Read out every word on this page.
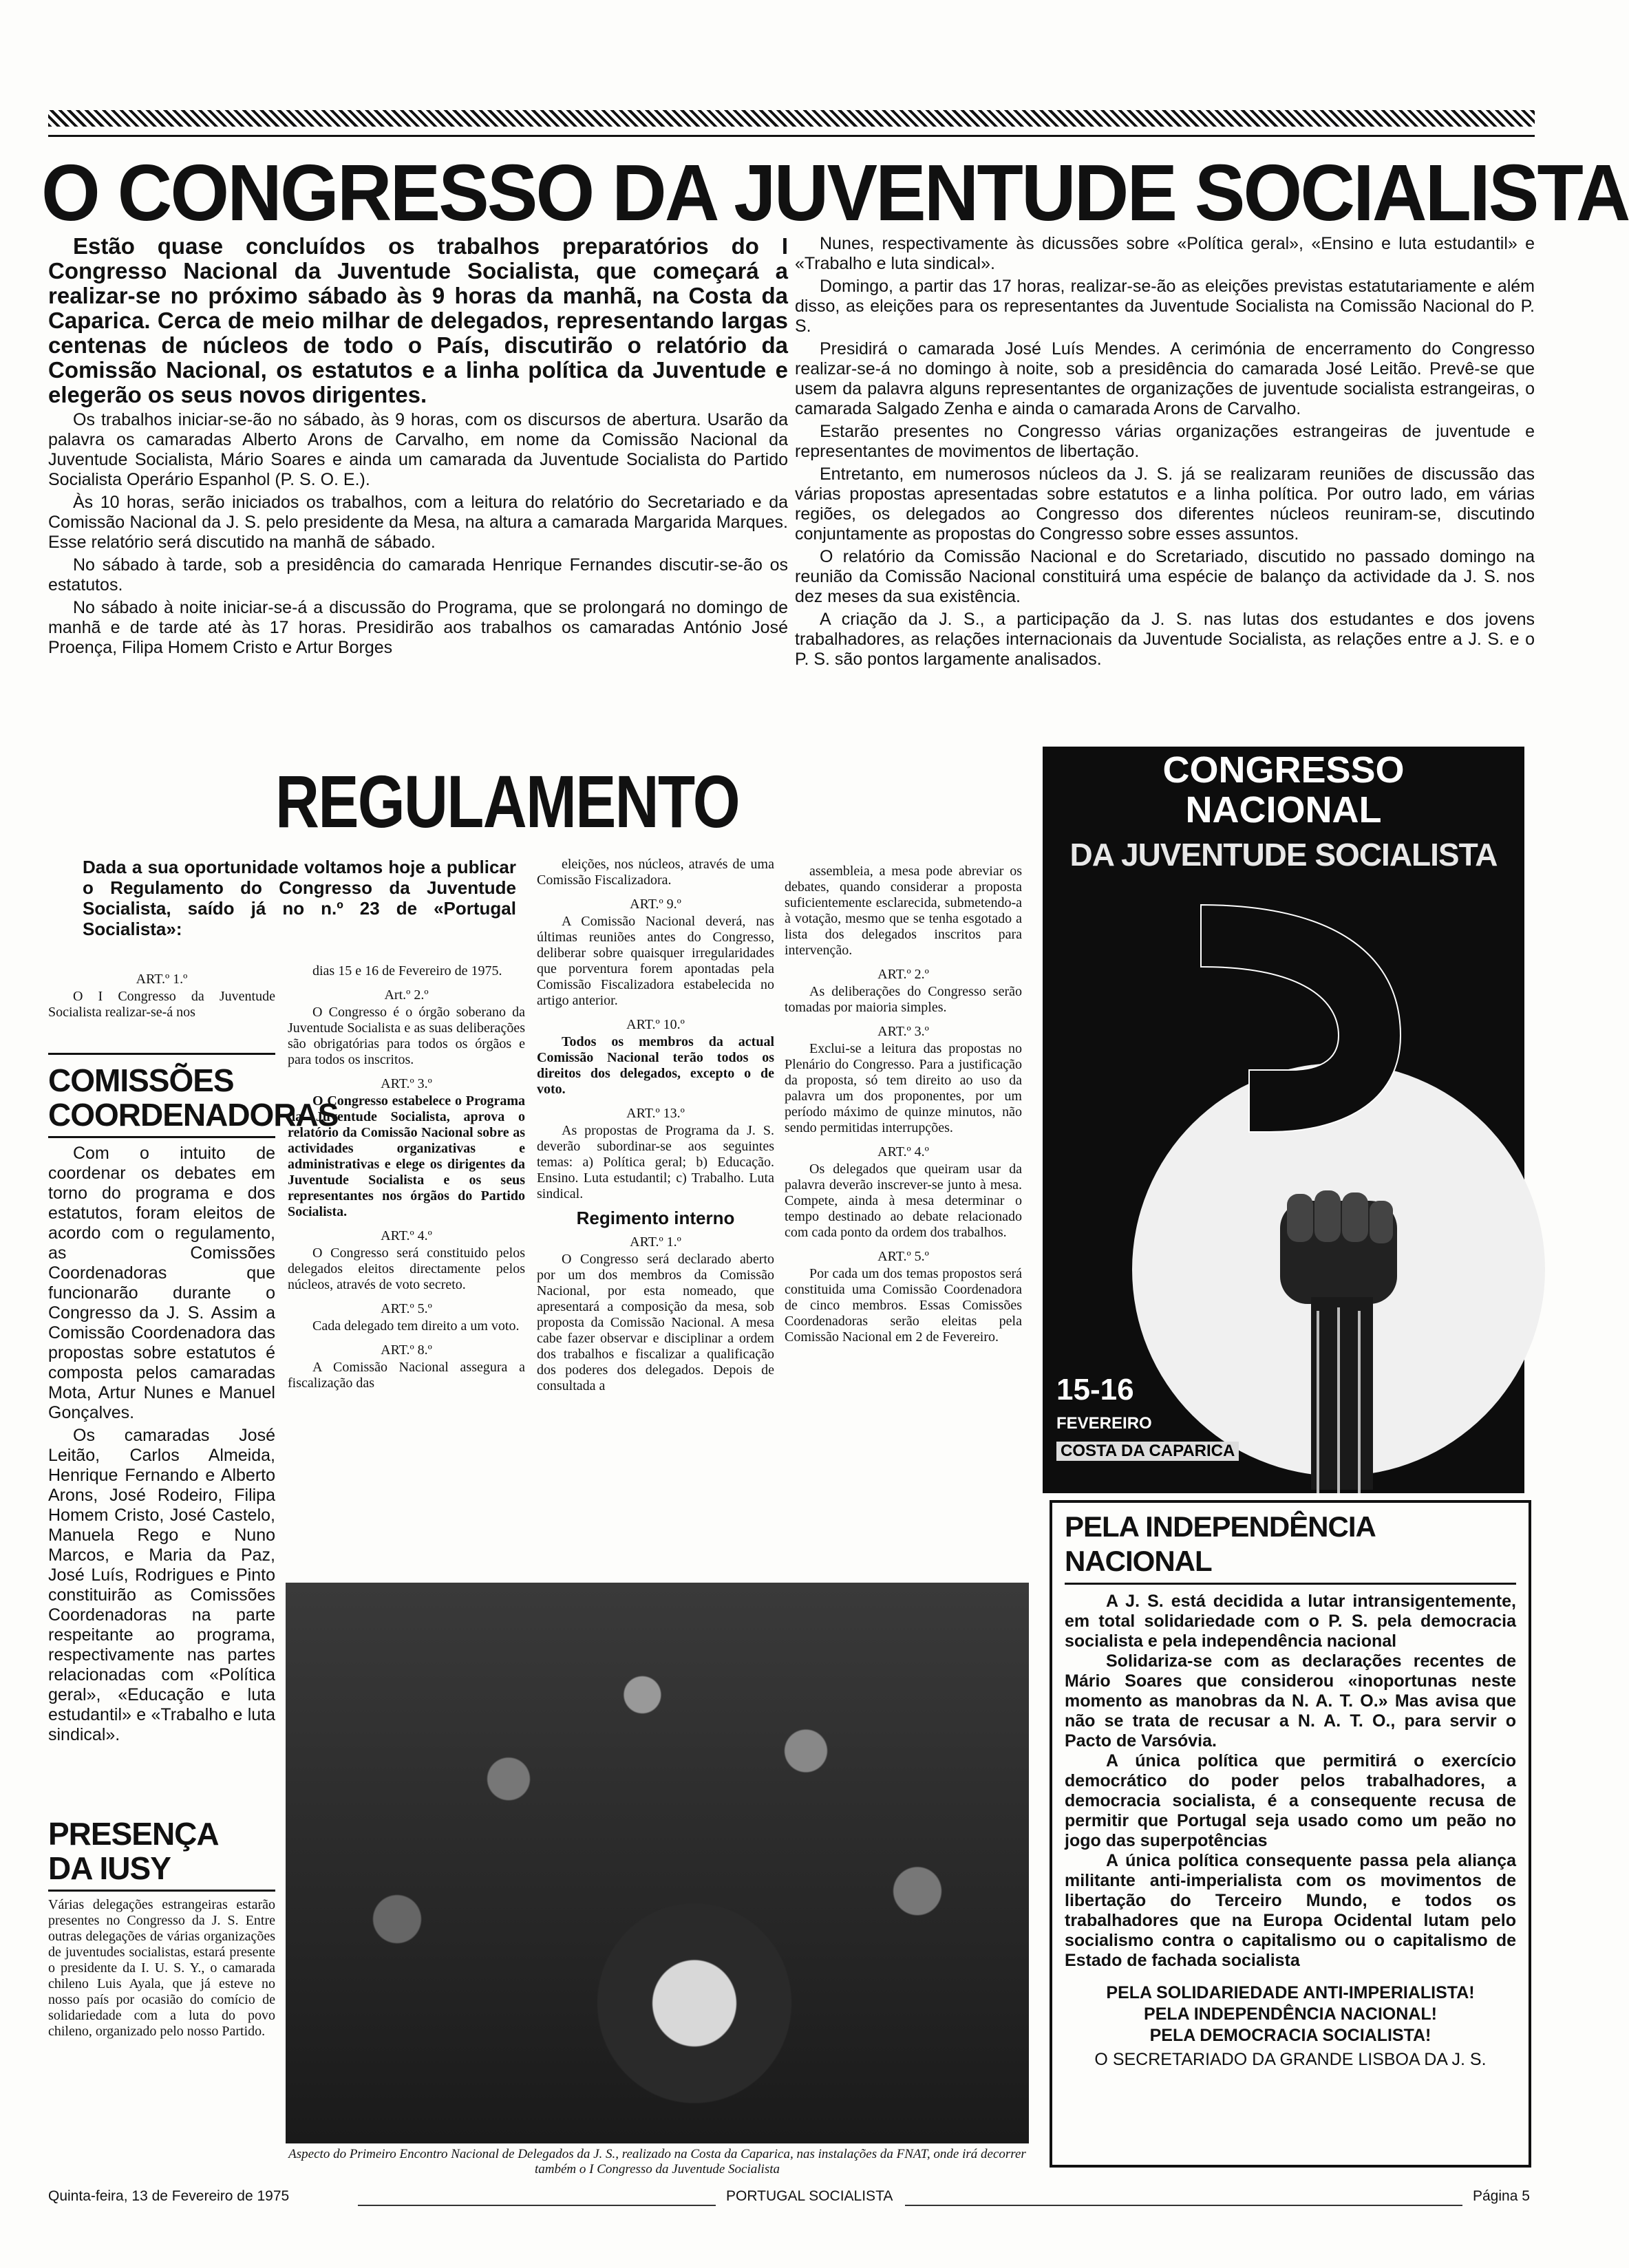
O CONGRESSO DA JUVENTUDE SOCIALISTA

Estão quase concluídos os trabalhos preparatórios do I Congresso Nacional da Juventude Socialista, que começará a realizar-se no próximo sábado às 9 horas da manhã, na Costa da Caparica. Cerca de meio milhar de delegados, representando largas centenas de núcleos de todo o País, discutirão o relatório da Comissão Nacional, os estatutos e a linha política da Juventude e elegerão os seus novos dirigentes.

Os trabalhos iniciar-se-ão no sábado, às 9 horas, com os discursos de abertura. Usarão da palavra os camaradas Alberto Arons de Carvalho, em nome da Comissão Nacional da Juventude Socialista, Mário Soares e ainda um camarada da Juventude Socialista do Partido Socialista Operário Espanhol (P. S. O. E.).

Às 10 horas, serão iniciados os trabalhos, com a leitura do relatório do Secretariado e da Comissão Nacional da J. S. pelo presidente da Mesa, na altura a camarada Margarida Marques. Esse relatório será discutido na manhã de sábado.

No sábado à tarde, sob a presidência do camarada Henrique Fernandes discutir-se-ão os estatutos.

No sábado à noite iniciar-se-á a discussão do Programa, que se prolongará no domingo de manhã e de tarde até às 17 horas. Presidirão aos trabalhos os camaradas António José Proença, Filipa Homem Cristo e Artur Borges

Nunes, respectivamente às dicussões sobre «Política geral», «Ensino e luta estudantil» e «Trabalho e luta sindical».

Domingo, a partir das 17 horas, realizar-se-ão as eleições previstas estatutariamente e além disso, as eleições para os representantes da Juventude Socialista na Comissão Nacional do P. S.

Presidirá o camarada José Luís Mendes. A cerimónia de encerramento do Congresso realizar-se-á no domingo à noite, sob a presidência do camarada José Leitão. Prevê-se que usem da palavra alguns representantes de organizações de juventude socialista estrangeiras, o camarada Salgado Zenha e ainda o camarada Arons de Carvalho.

Estarão presentes no Congresso várias organizações estrangeiras de juventude e representantes de movimentos de libertação.

Entretanto, em numerosos núcleos da J. S. já se realizaram reuniões de discussão das várias propostas apresentadas sobre estatutos e a linha política. Por outro lado, em várias regiões, os delegados ao Congresso dos diferentes núcleos reuniram-se, discutindo conjuntamente as propostas do Congresso sobre esses assuntos.

O relatório da Comissão Nacional e do Scretariado, discutido no passado domingo na reunião da Comissão Nacional constituirá uma espécie de balanço da actividade da J. S. nos dez meses da sua existência.

A criação da J. S., a participação da J. S. nas lutas dos estudantes e dos jovens trabalhadores, as relações internacionais da Juventude Socialista, as relações entre a J. S. e o P. S. são pontos largamente analisados.

REGULAMENTO

Dada a sua oportunidade voltamos hoje a publicar o Regulamento do Congresso da Juventude Socialista, saído já no n.º 23 de «Portugal Socialista»:

ART.º 1.º

O I Congresso da Juventude Socialista realizar-se-á nos

COMISSÕES COORDENADORAS

Com o intuito de coordenar os debates em torno do programa e dos estatutos, foram eleitos de acordo com o regulamento, as Comissões Coordenadoras que funcionarão durante o Congresso da J. S. Assim a Comissão Coordenadora das propostas sobre estatutos é composta pelos camaradas Mota, Artur Nunes e Manuel Gonçalves.

Os camaradas José Leitão, Carlos Almeida, Henrique Fernando e Alberto Arons, José Rodeiro, Filipa Homem Cristo, José Castelo, Manuela Rego e Nuno Marcos, e Maria da Paz, José Luís, Rodrigues e Pinto constituirão as Comissões Coordenadoras na parte respeitante ao programa, respectivamente nas partes relacionadas com «Política geral», «Educação e luta estudantil» e «Trabalho e luta sindical».

PRESENÇA DA IUSY

Várias delegações estrangeiras estarão presentes no Congresso da J. S. Entre outras delegações de várias organizações de juventudes socialistas, estará presente o presidente da I. U. S. Y., o camarada chileno Luis Ayala, que já esteve no nosso país por ocasião do comício de solidariedade com a luta do povo chileno, organizado pelo nosso Partido.

dias 15 e 16 de Fevereiro de 1975.

Art.º 2.º

O Congresso é o órgão soberano da Juventude Socialista e as suas deliberações são obrigatórias para todos os órgãos e para todos os inscritos.

ART.º 3.º

O Congresso estabelece o Programa da Juventude Socialista, aprova o relatório da Comissão Nacional sobre as actividades organizativas e administrativas e elege os dirigentes da Juventude Socialista e os seus representantes nos órgãos do Partido Socialista.

ART.º 4.º

O Congresso será constituido pelos delegados eleitos directamente pelos núcleos, através de voto secreto.

ART.º 5.º

Cada delegado tem direito a um voto.

ART.º 8.º

A Comissão Nacional assegura a fiscalização das

eleições, nos núcleos, através de uma Comissão Fiscalizadora.

ART.º 9.º

A Comissão Nacional deverá, nas últimas reuniões antes do Congresso, deliberar sobre quaisquer irregularidades que porventura forem apontadas pela Comissão Fiscalizadora estabelecida no artigo anterior.

ART.º 10.º

Todos os membros da actual Comissão Nacional terão todos os direitos dos delegados, excepto o de voto.

ART.º 13.º

As propostas de Programa da J. S. deverão subordinar-se aos seguintes temas: a) Política geral; b) Educação. Ensino. Luta estudantil; c) Trabalho. Luta sindical.

Regimento interno

ART.º 1.º

O Congresso será declarado aberto por um dos membros da Comissão Nacional, por esta nomeado, que apresentará a composição da mesa, sob proposta da Comissão Nacional. A mesa cabe fazer observar e disciplinar a ordem dos trabalhos e fiscalizar a qualificação dos poderes dos delegados. Depois de consultada a

assembleia, a mesa pode abreviar os debates, quando considerar a proposta suficientemente esclarecida, submetendo-a à votação, mesmo que se tenha esgotado a lista dos delegados inscritos para intervenção.

ART.º 2.º

As deliberações do Congresso serão tomadas por maioria simples.

ART.º 3.º

Exclui-se a leitura das propostas no Plenário do Congresso. Para a justificação da proposta, só tem direito ao uso da palavra um dos proponentes, por um período máximo de quinze minutos, não sendo permitidas interrupções.

ART.º 4.º

Os delegados que queiram usar da palavra deverão inscrever-se junto à mesa. Compete, ainda à mesa determinar o tempo destinado ao debate relacionado com cada ponto da ordem dos trabalhos.

ART.º 5.º

Por cada um dos temas propostos será constituida uma Comissão Coordenadora de cinco membros. Essas Comissões Coordenadoras serão eleitas pela Comissão Nacional em 2 de Fevereiro.

CONGRESSO
NACIONAL
DA JUVENTUDE SOCIALISTA
15-16
FEVEREIRO
COSTA DA CAPARICA
PELA INDEPENDÊNCIA NACIONAL

A J. S. está decidida a lutar intransigentemente, em total solidariedade com o P. S. pela democracia socialista e pela independência nacional

Solidariza-se com as declarações recentes de Mário Soares que considerou «inoportunas neste momento as manobras da N. A. T. O.» Mas avisa que não se trata de recusar a N. A. T. O., para servir o Pacto de Varsóvia.

A única política que permitirá o exercício democrático do poder pelos trabalhadores, a democracia socialista, é a consequente recusa de permitir que Portugal seja usado como um peão no jogo das superpotências

A única política consequente passa pela aliança militante anti-imperialista com os movimentos de libertação do Terceiro Mundo, e todos os trabalhadores que na Europa Ocidental lutam pelo socialismo contra o capitalismo ou o capitalismo de Estado de fachada socialista

PELA SOLIDARIEDADE ANTI-IMPERIALISTA!

PELA INDEPENDÊNCIA NACIONAL!

PELA DEMOCRACIA SOCIALISTA!

O SECRETARIADO DA GRANDE LISBOA DA J. S.

Aspecto do Primeiro Encontro Nacional de Delegados da J. S., realizado na Costa da Caparica, nas instalações da FNAT, onde irá decorrer também o I Congresso da Juventude Socialista

Quinta-feira, 13 de Fevereiro de 1975	PORTUGAL SOCIALISTA	Página 5
